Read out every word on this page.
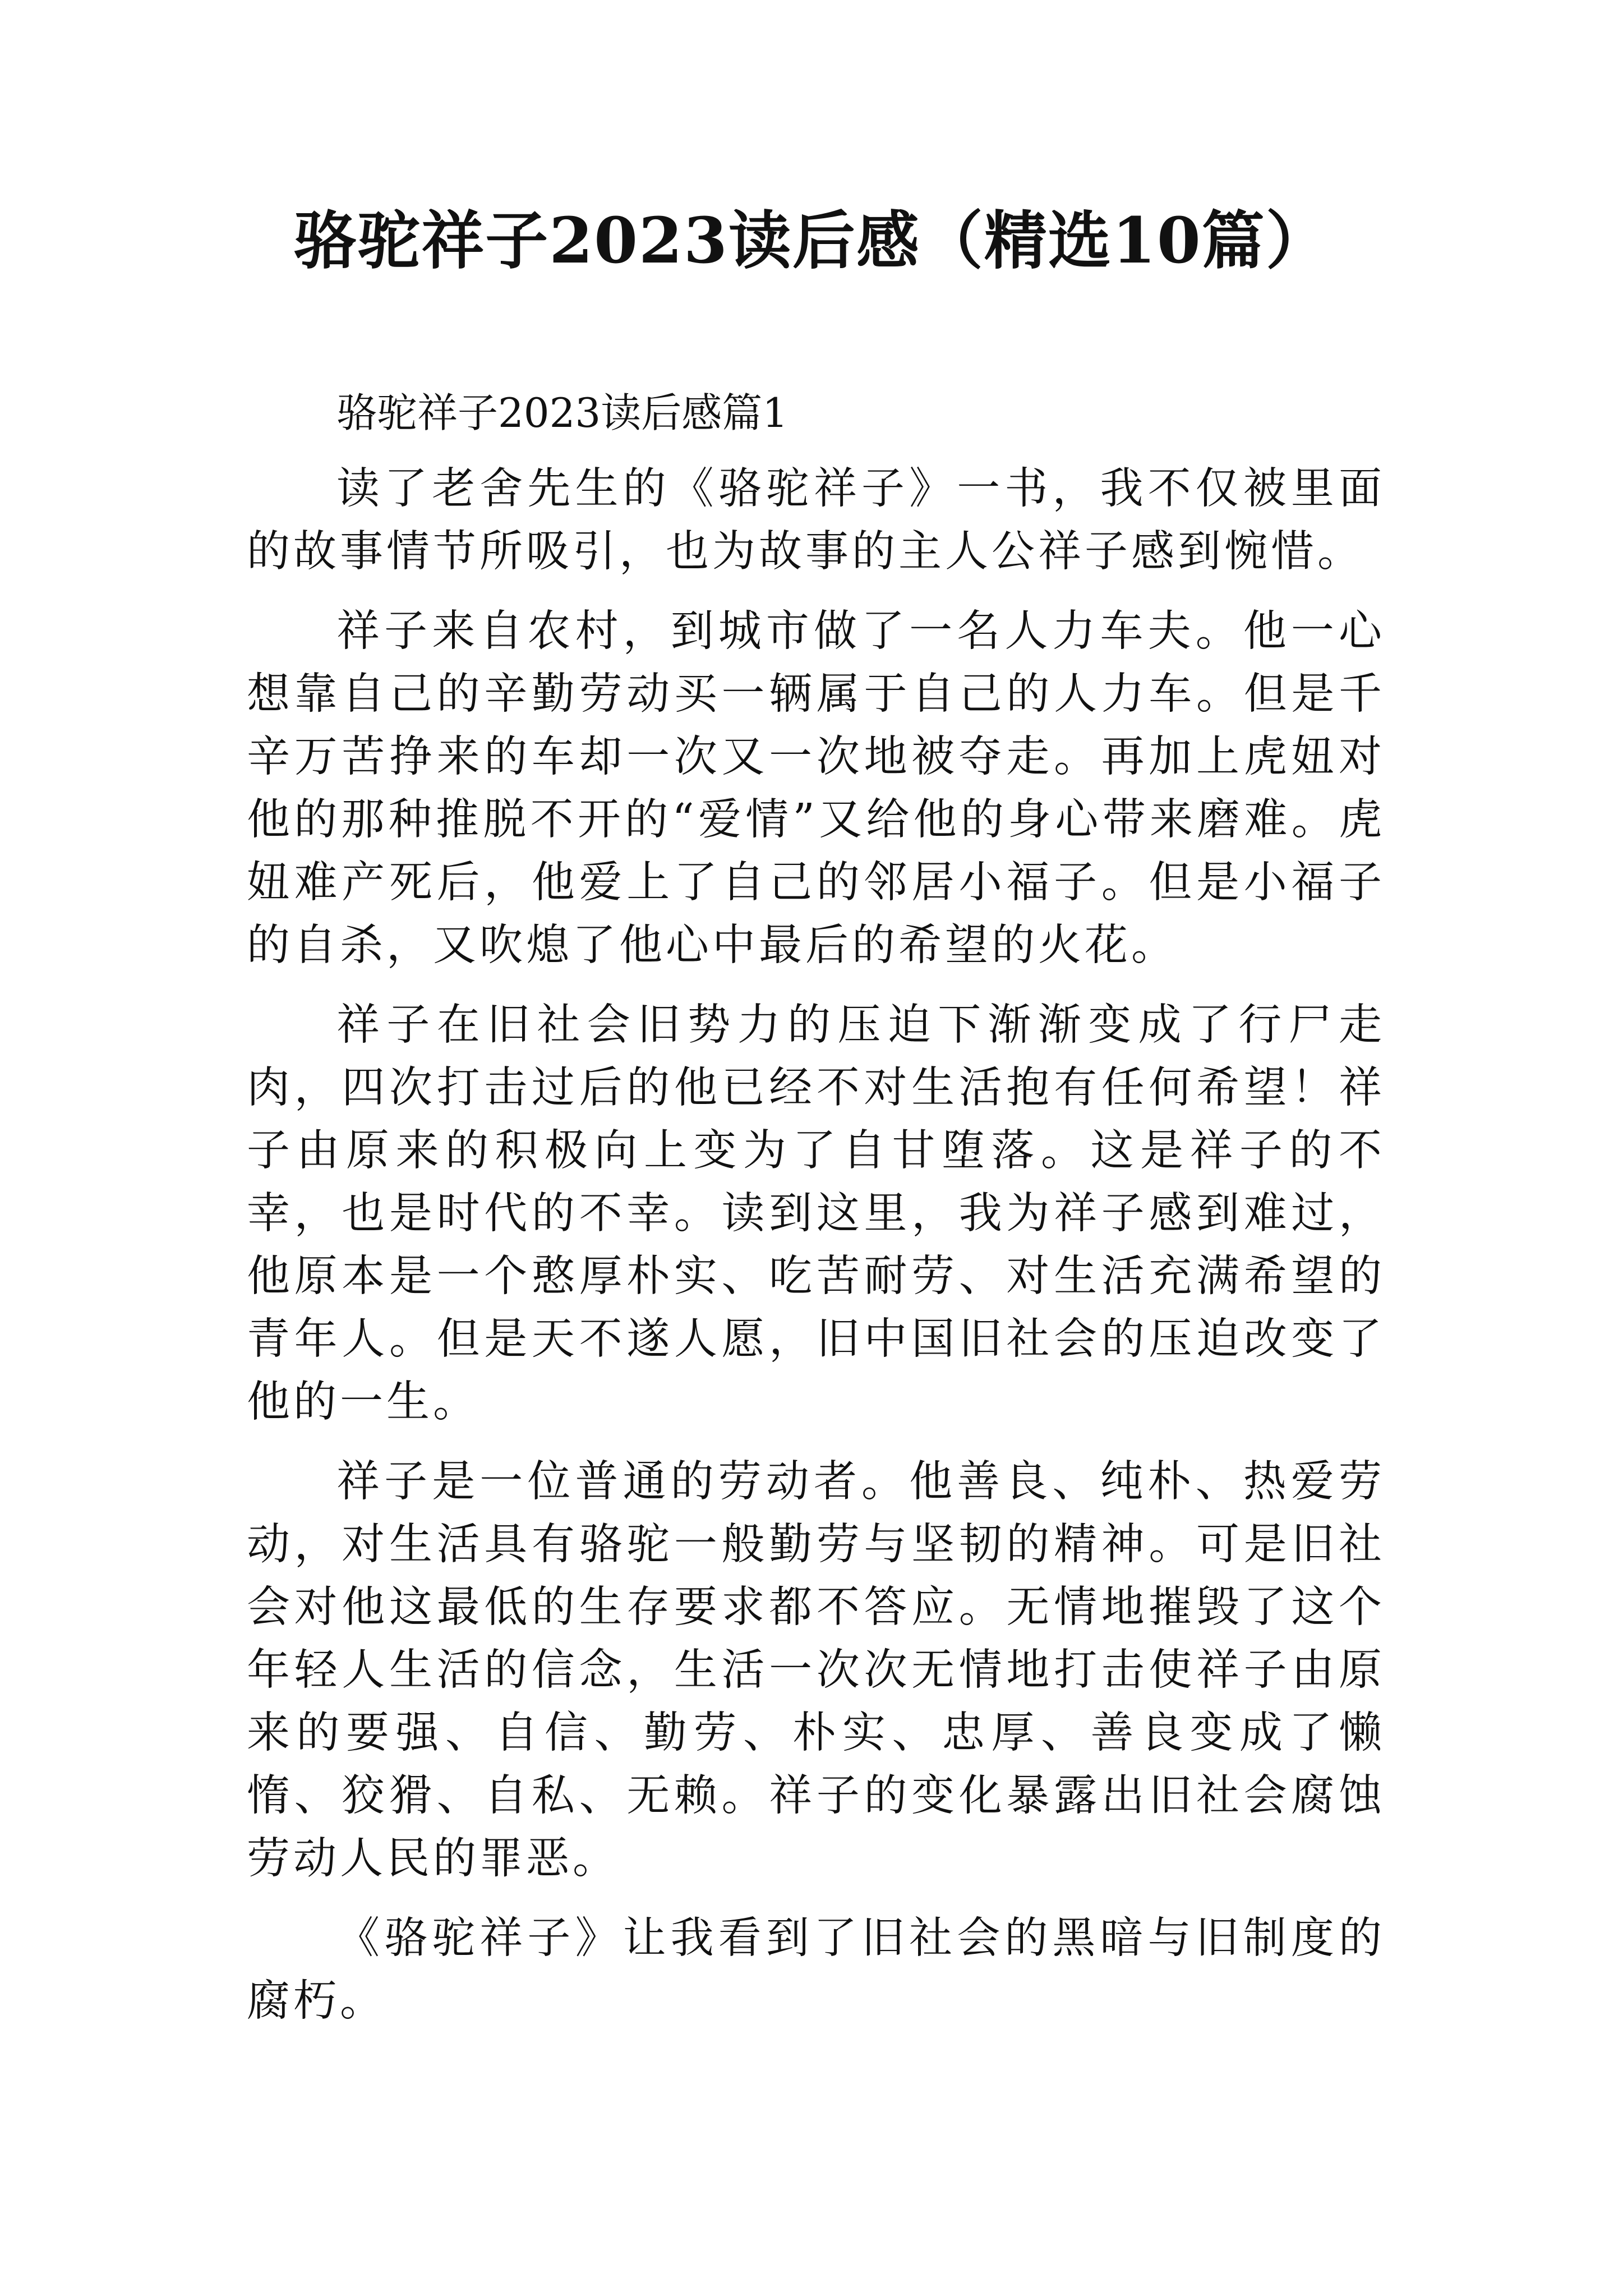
骆驼祥子2023读后感（精选10篇）

骆驼祥子2023读后感篇1

读了老舍先生的《骆驼祥子》一书，我不仅被里面的故事情节所吸引，也为故事的主人公祥子感到惋惜。

祥子来自农村，到城市做了一名人力车夫。他一心想靠自己的辛勤劳动买一辆属于自己的人力车。但是千辛万苦挣来的车却一次又一次地被夺走。再加上虎妞对他的那种推脱不开的“爱情”又给他的身心带来磨难。虎妞难产死后，他爱上了自己的邻居小福子。但是小福子的自杀，又吹熄了他心中最后的希望的火花。

祥子在旧社会旧势力的压迫下渐渐变成了行尸走肉，四次打击过后的他已经不对生活抱有任何希望！祥子由原来的积极向上变为了自甘堕落。这是祥子的不幸，也是时代的不幸。读到这里，我为祥子感到难过，他原本是一个憨厚朴实、吃苦耐劳、对生活充满希望的青年人。但是天不遂人愿，旧中国旧社会的压迫改变了他的一生。

祥子是一位普通的劳动者。他善良、纯朴、热爱劳动，对生活具有骆驼一般勤劳与坚韧的精神。可是旧社会对他这最低的生存要求都不答应。无情地摧毁了这个年轻人生活的信念，生活一次次无情地打击使祥子由原来的要强、自信、勤劳、朴实、忠厚、善良变成了懒惰、狡猾、自私、无赖。祥子的变化暴露出旧社会腐蚀劳动人民的罪恶。

《骆驼祥子》让我看到了旧社会的黑暗与旧制度的腐朽。
